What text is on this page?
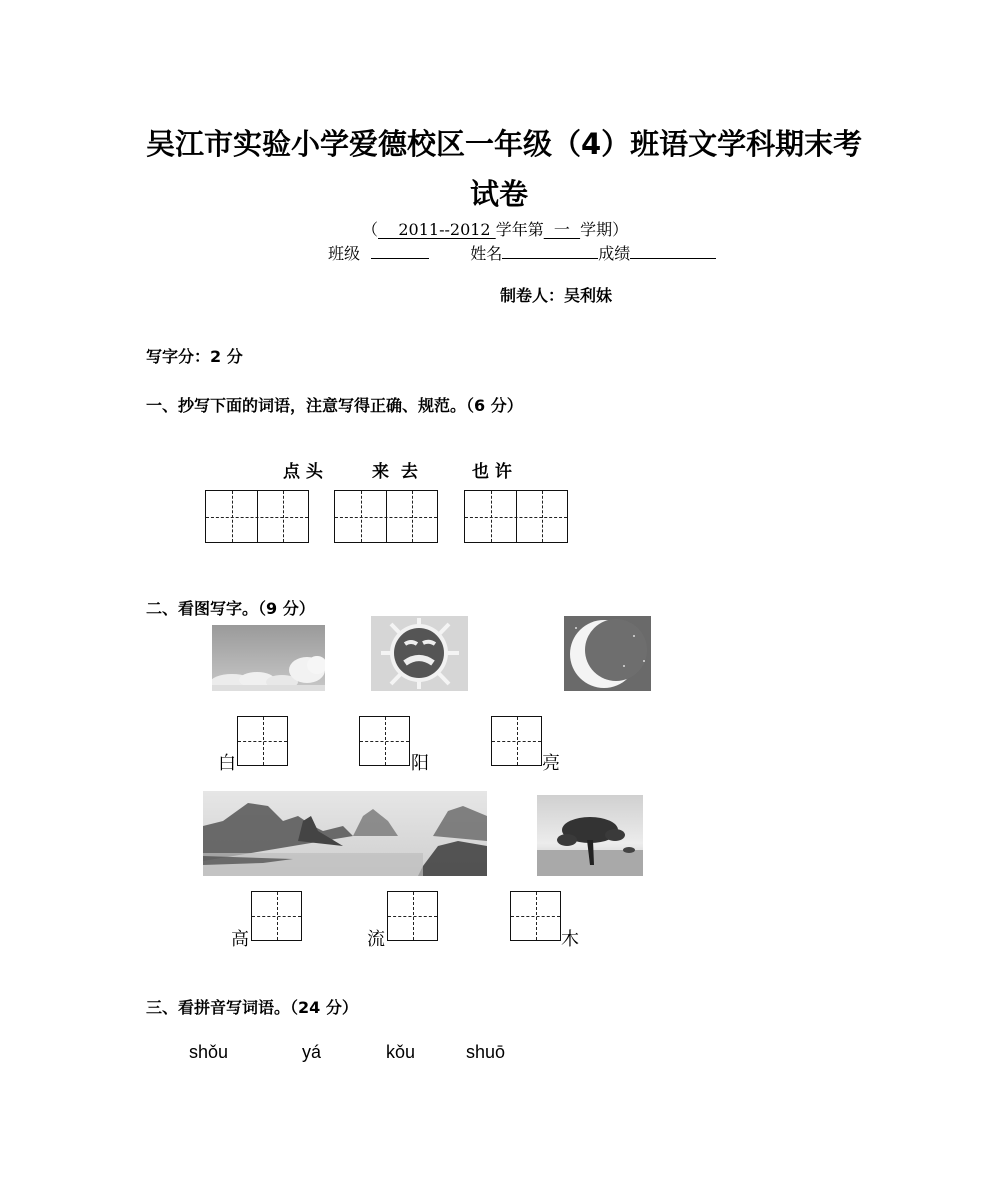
吴江市实验小学爱德校区一年级（4）班语文学科期末考
试卷
（    2011--2012 学年第  一  学期）
班级	姓名	成绩
制卷人：吴利妹
写字分：2 分
一、抄写下面的词语，注意写得正确、规范。（6 分）
点 头	来  去	也 许
二、看图写字。（9 分）
白	阳	亮
高	流	木
三、看拼音写词语。（24 分）
shǒu	yá	kǒu	shuō
